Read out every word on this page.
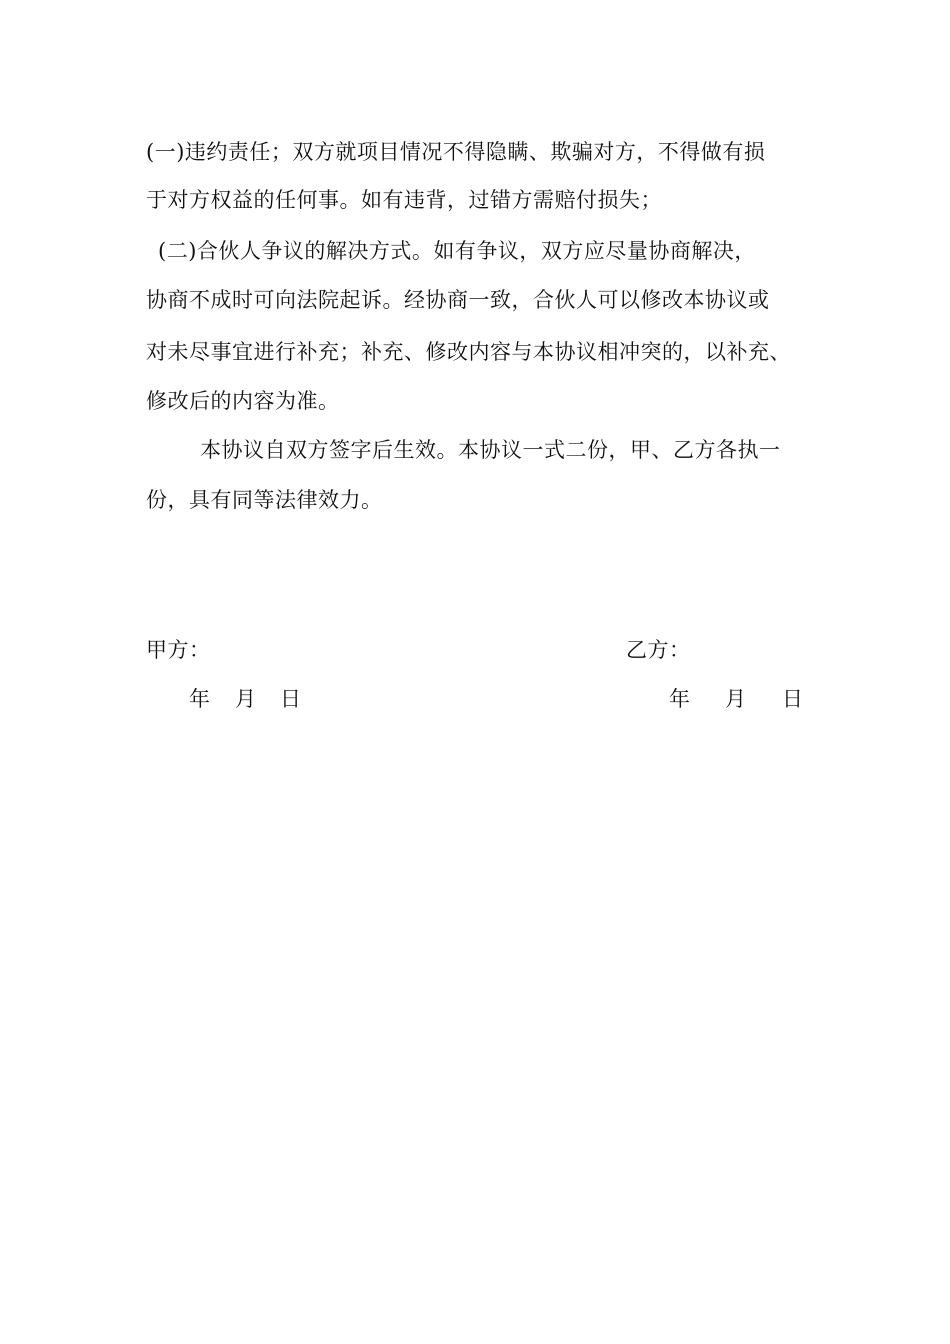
(一)违约责任；双方就项目情况不得隐瞒、欺骗对方，不得做有损
于对方权益的任何事。如有违背，过错方需赔付损失；
(二)合伙人争议的解决方式。如有争议，双方应尽量协商解决，
协商不成时可向法院起诉。经协商一致，合伙人可以修改本协议或
对未尽事宜进行补充；补充、修改内容与本协议相冲突的，以补充、
修改后的内容为准。
本协议自双方签字后生效。本协议一式二份，甲、乙方各执一
份，具有同等法律效力。
甲方：	乙方：
年 月 日	年 月 日
